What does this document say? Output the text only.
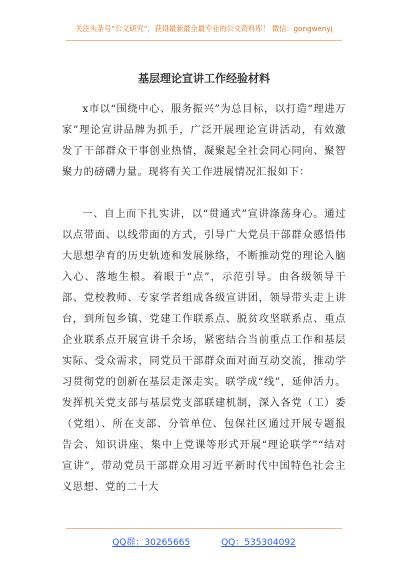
关注头条号“公文研究”，获得最新最全最专业的公文资料库！ 微信：gongwenyj
基层理论宣讲工作经验材料

x市以“围绕中心、服务振兴”为总目标，以打造“理进万家”理论宣讲品牌为抓手，广泛开展理论宣讲活动，有效激发了干部群众干事创业热情，凝聚起全社会同心同向、聚智聚力的磅礴力量。现将有关工作进展情况汇报如下：

一、自上而下扎实讲，以“贯通式”宣讲涤荡身心。通过以点带面、以线带面的方式，引导广大党员干部群众感悟伟大思想孕育的历史轨迹和发展脉络，不断推动党的理论入脑入心、落地生根。着眼于“点”，示范引导。由各级领导干部、党校教师、专家学者组成各级宣讲团，领导带头走上讲台，到所包乡镇、党建工作联系点、脱贫攻坚联系点、重点企业联系点开展宣讲千余场，紧密结合当前重点工作和基层实际、受众需求，同党员干部群众面对面互动交流，推动学习贯彻党的创新在基层走深走实。联学成“线”，延伸活力。发挥机关党支部与基层党支部联建机制，深入各党（工）委（党组）、所在支部、分管单位、包保社区通过开展专题报告会、知识讲座、集中上党课等形式开展“理论联学”“结对宣讲”，带动党员干部群众用习近平新时代中国特色社会主义思想、党的二十大

QQ群：30265665	QQ：535304092
